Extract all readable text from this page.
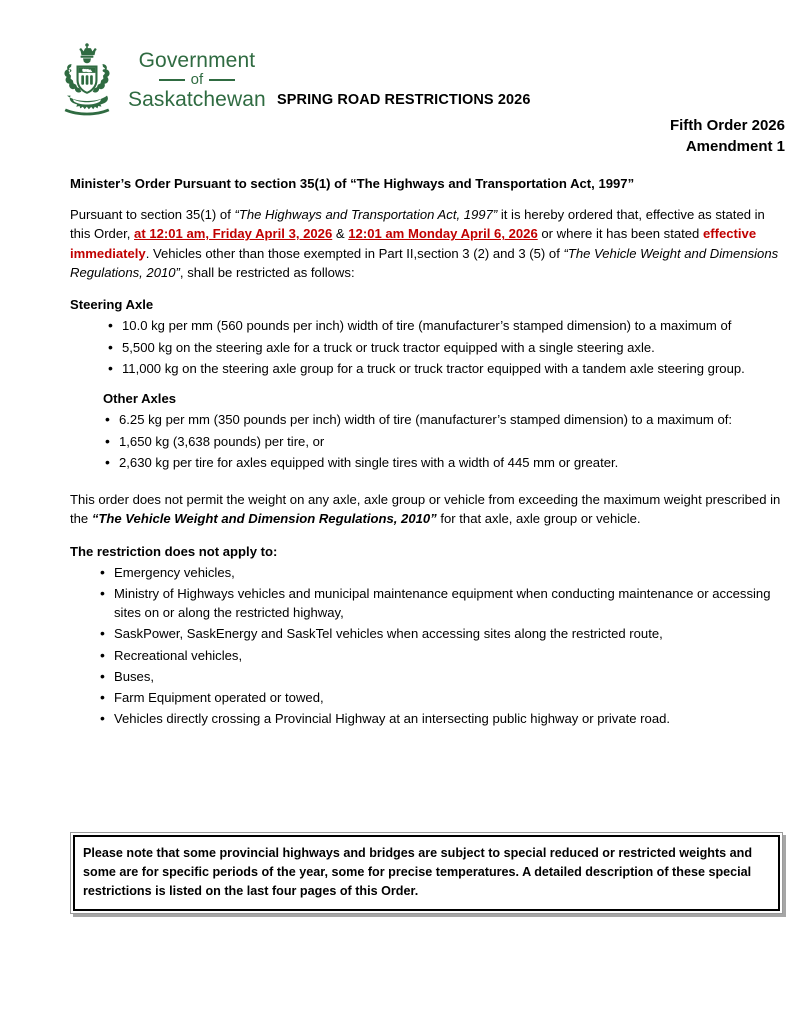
Government
of
Saskatchewan SPRING ROAD RESTRICTIONS 2026
Fifth Order 2026
Amendment 1

Minister’s Order Pursuant to section 35(1) of “The Highways and Transportation Act, 1997”

Pursuant to section 35(1) of “The Highways and Transportation Act, 1997” it is hereby ordered that, effective as stated in this Order, at 12:01 am, Friday April 3, 2026 & 12:01 am Monday April 6, 2026 or where it has been stated effective immediately. Vehicles other than those exempted in Part II,section 3 (2) and 3 (5) of “The Vehicle Weight and Dimensions Regulations, 2010”, shall be restricted as follows:

Steering Axle

• 10.0 kg per mm (560 pounds per inch) width of tire (manufacturer’s stamped dimension) to a maximum of
• 5,500 kg on the steering axle for a truck or truck tractor equipped with a single steering axle.
• 11,000 kg on the steering axle group for a truck or truck tractor equipped with a tandem axle steering group.

Other Axles

• 6.25 kg per mm (350 pounds per inch) width of tire (manufacturer’s stamped dimension) to a maximum of:
• 1,650 kg (3,638 pounds) per tire, or
• 2,630 kg per tire for axles equipped with single tires with a width of 445 mm or greater.

This order does not permit the weight on any axle, axle group or vehicle from exceeding the maximum weight prescribed in the “The Vehicle Weight and Dimension Regulations, 2010” for that axle, axle group or vehicle.

The restriction does not apply to:

• Emergency vehicles,
• Ministry of Highways vehicles and municipal maintenance equipment when conducting maintenance or accessing sites on or along the restricted highway,
• SaskPower, SaskEnergy and SaskTel vehicles when accessing sites along the restricted route,
• Recreational vehicles,
• Buses,
• Farm Equipment operated or towed,
• Vehicles directly crossing a Provincial Highway at an intersecting public highway or private road.
Please note that some provincial highways and bridges are subject to special reduced or restricted weights and some are for specific periods of the year, some for precise temperatures. A detailed description of these special restrictions is listed on the last four pages of this Order.
